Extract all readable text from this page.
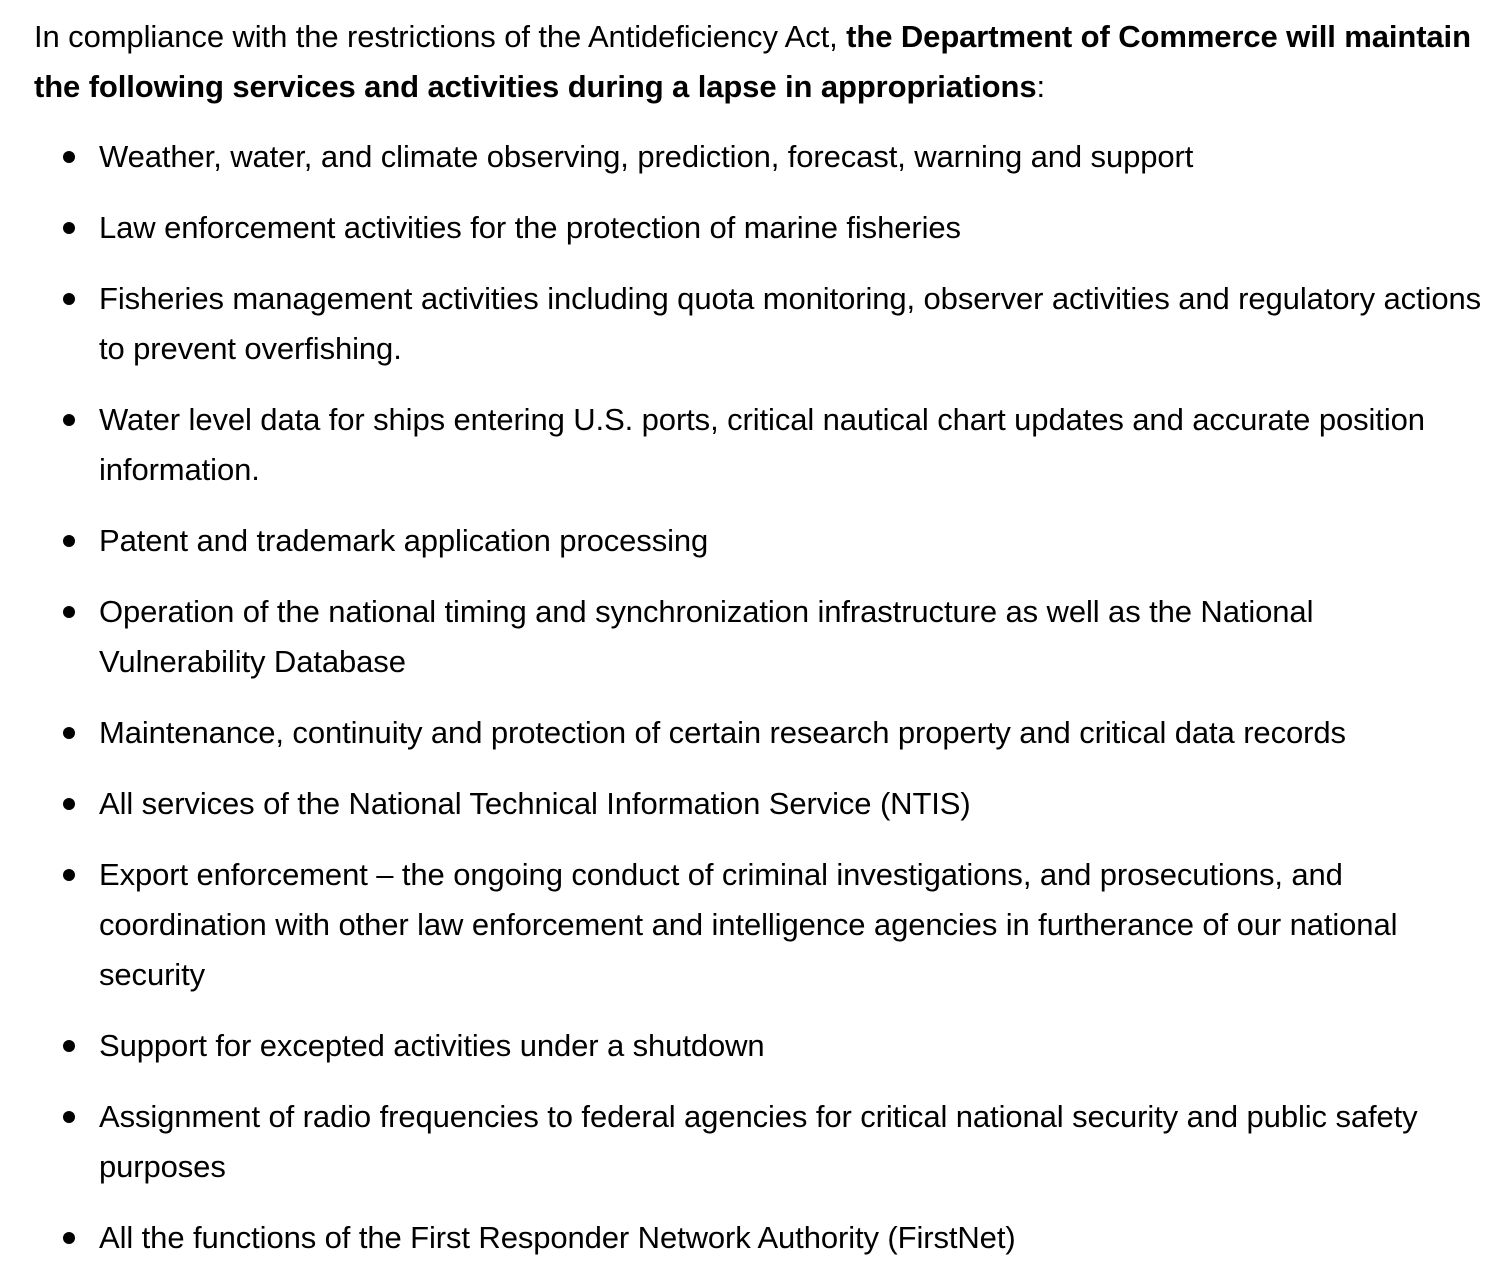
In compliance with the restrictions of the Antideficiency Act, the Department of Commerce will maintain the following services and activities during a lapse in appropriations:

Weather, water, and climate observing, prediction, forecast, warning and support
Law enforcement activities for the protection of marine fisheries
Fisheries management activities including quota monitoring, observer activities and regulatory actions to prevent overfishing.
Water level data for ships entering U.S. ports, critical nautical chart updates and accurate position information.
Patent and trademark application processing
Operation of the national timing and synchronization infrastructure as well as the National Vulnerability Database
Maintenance, continuity and protection of certain research property and critical data records
All services of the National Technical Information Service (NTIS)
Export enforcement – the ongoing conduct of criminal investigations, and prosecutions, and coordination with other law enforcement and intelligence agencies in furtherance of our national security
Support for excepted activities under a shutdown
Assignment of radio frequencies to federal agencies for critical national security and public safety purposes
All the functions of the First Responder Network Authority (FirstNet)
